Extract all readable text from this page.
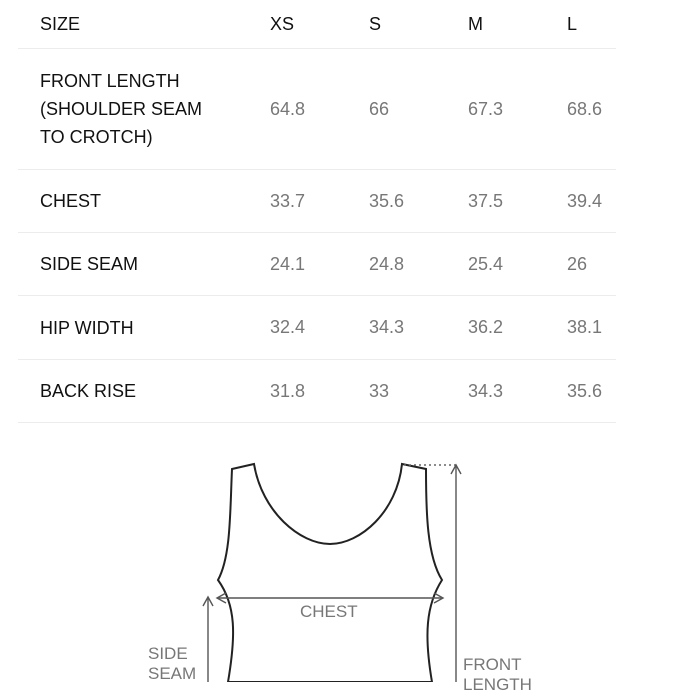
SIZE	XS	S	M	L
FRONT LENGTH
(SHOULDER SEAM
TO CROTCH)
64.8	66	67.3	68.6
CHEST	33.7	35.6	37.5	39.4
SIDE SEAM	24.1	24.8	25.4	26
HIP WIDTH	32.4	34.3	36.2	38.1
BACK RISE	31.8	33	34.3	35.6
CHEST
SIDE
SEAM	FRONT
LENGTH
